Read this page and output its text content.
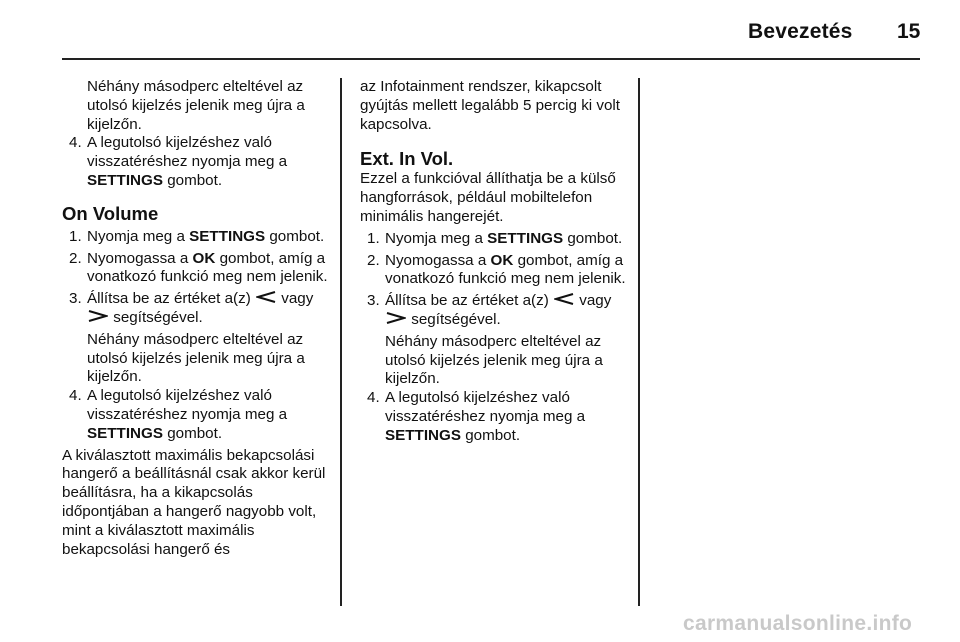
Bevezetés 15

Néhány másodperc elteltével az utolsó kijelzés jelenik meg újra a kijelzőn.

4. A legutolsó kijelzéshez való visszatéréshez nyomja meg a SETTINGS gombot.

On Volume

1. Nyomja meg a SETTINGS gombot.
2. Nyomogassa a OK gombot, amíg a vonatkozó funkció meg nem jelenik.
3. Állítsa be az értéket a(z) vagy  segítségével.

Néhány másodperc elteltével az utolsó kijelzés jelenik meg újra a kijelzőn.

4. A legutolsó kijelzéshez való visszatéréshez nyomja meg a SETTINGS gombot.

A kiválasztott maximális bekapcsolási hangerő a beállításnál csak akkor kerül beállításra, ha a kikapcsolás időpontjában a hangerő nagyobb volt, mint a kiválasztott maximális bekapcsolási hangerő és

az Infotainment rendszer, kikapcsolt gyújtás mellett legalább 5 percig ki volt kapcsolva.

Ext. In Vol.

Ezzel a funkcióval állíthatja be a külső hangforrások, például mobiltelefon minimális hangerejét.

1. Nyomja meg a SETTINGS gombot.
2. Nyomogassa a OK gombot, amíg a vonatkozó funkció meg nem jelenik.
3. Állítsa be az értéket a(z) vagy  segítségével.

Néhány másodperc elteltével az utolsó kijelzés jelenik meg újra a kijelzőn.

4. A legutolsó kijelzéshez való visszatéréshez nyomja meg a SETTINGS gombot.
carmanualsonline.info
